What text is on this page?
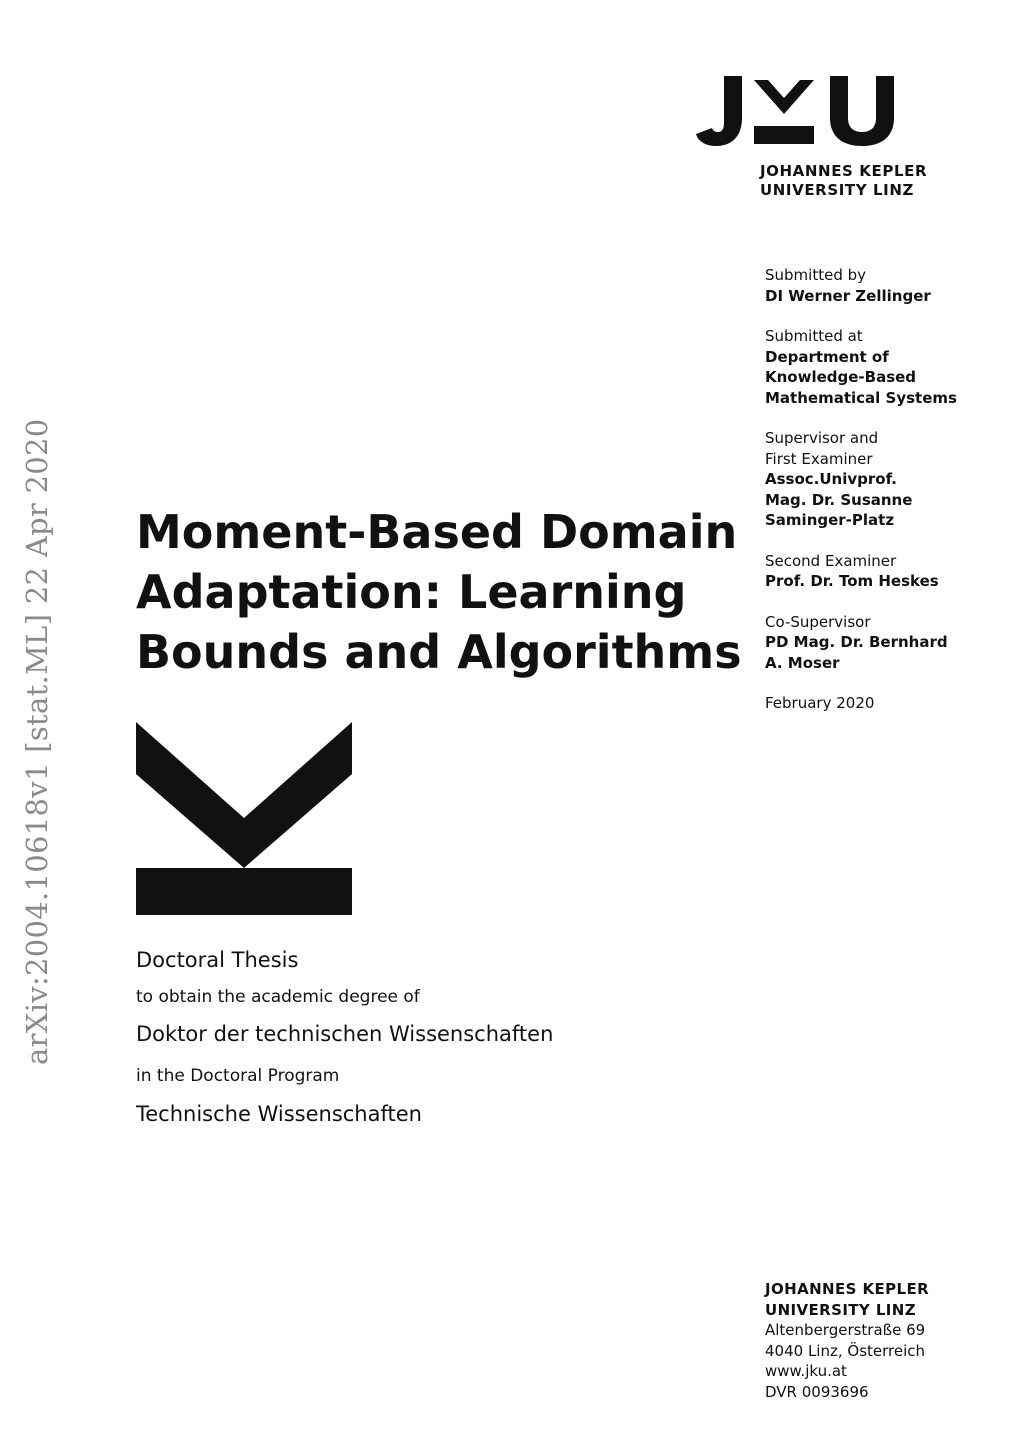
JOHANNES KEPLER
UNIVERSITY LINZ
arXiv:2004.10618v1 [stat.ML] 22 Apr 2020 Moment-Based Domain
Adaptation: Learning
Bounds and Algorithms
Doctoral Thesis
to obtain the academic degree of
Doktor der technischen Wissenschaften
in the Doctoral Program
Technische Wissenschaften
Submitted by
DI Werner Zellinger
Submitted at
Department of
Knowledge-Based
Mathematical Systems
Supervisor and
First Examiner
Assoc.Univprof.
Mag. Dr. Susanne
Saminger-Platz
Second Examiner
Prof. Dr. Tom Heskes
Co-Supervisor
PD Mag. Dr. Bernhard
A. Moser
February 2020
JOHANNES KEPLER
UNIVERSITY LINZ
Altenbergerstraße 69
4040 Linz, Österreich
www.jku.at
DVR 0093696
